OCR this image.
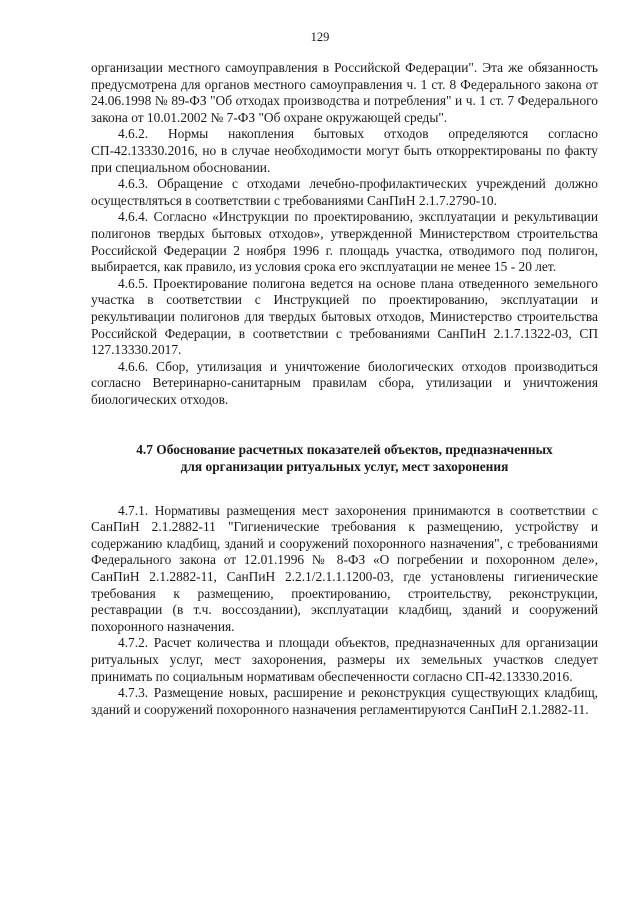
129

организации местного самоуправления в Российской Федерации". Эта же обязанность предусмотрена для органов местного самоуправления ч. 1 ст. 8 Федерального закона от 24.06.1998 № 89-ФЗ "Об отходах производства и потребления" и ч. 1 ст. 7 Федерального закона от 10.01.2002 № 7-ФЗ "Об охране окружающей среды".

4.6.2. Нормы накопления бытовых отходов определяются согласно СП-42.13330.2016, но в случае необходимости могут быть откорректированы по факту при специальном обосновании.

4.6.3. Обращение с отходами лечебно-профилактических учреждений должно осуществляться в соответствии с требованиями СанПиН 2.1.7.2790-10.

4.6.4. Согласно «Инструкции по проектированию, эксплуатации и рекультивации полигонов твердых бытовых отходов», утвержденной Министерством строительства Российской Федерации 2 ноября 1996 г. площадь участка, отводимого под полигон, выбирается, как правило, из условия срока его эксплуатации не менее 15 - 20 лет.

4.6.5. Проектирование полигона ведется на основе плана отведенного земельного участка в соответствии с Инструкцией по проектированию, эксплуатации и рекультивации полигонов для твердых бытовых отходов, Министерство строительства Российской Федерации, в соответствии с требованиями СанПиН 2.1.7.1322-03, СП 127.13330.2017.

4.6.6. Сбор, утилизация и уничтожение биологических отходов производиться согласно Ветеринарно-санитарным правилам сбора, утилизации и уничтожения биологических отходов.

4.7 Обоснование расчетных показателей объектов, предназначенных
для организации ритуальных услуг, мест захоронения

4.7.1. Нормативы размещения мест захоронения принимаются в соответствии с СанПиН 2.1.2882-11 "Гигиенические требования к размещению, устройству и содержанию кладбищ, зданий и сооружений похоронного назначения", с требованиями Федерального закона от 12.01.1996 № 8-ФЗ «О погребении и похоронном деле», СанПиН 2.1.2882-11, СанПиН 2.2.1/2.1.1.1200-03, где установлены гигиенические требования к размещению, проектированию, строительству, реконструкции, реставрации (в т.ч. воссоздании), эксплуатации кладбищ, зданий и сооружений похоронного назначения.

4.7.2. Расчет количества и площади объектов, предназначенных для организации ритуальных услуг, мест захоронения, размеры их земельных участков следует принимать по социальным нормативам обеспеченности согласно СП-42.13330.2016.

4.7.3. Размещение новых, расширение и реконструкция существующих кладбищ, зданий и сооружений похоронного назначения регламентируются СанПиН 2.1.2882-11.
